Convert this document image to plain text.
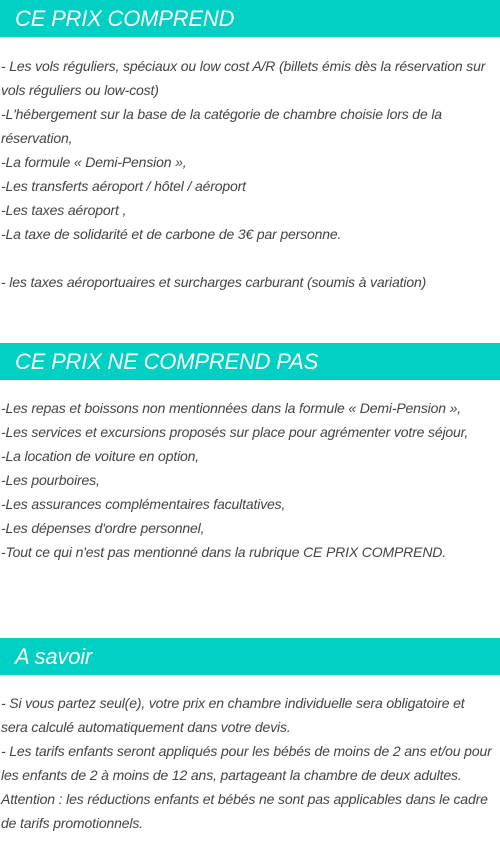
CE PRIX COMPREND
- Les vols réguliers, spéciaux ou low cost A/R (billets émis dès la réservation sur
vols réguliers ou low-cost)
-L'hébergement sur la base de la catégorie de chambre choisie lors de la
réservation,
-La formule « Demi-Pension »,
-Les transferts aéroport / hôtel / aéroport
-Les taxes aéroport ,
-La taxe de solidarité et de carbone de 3€ par personne.
- les taxes aéroportuaires et surcharges carburant (soumis à variation)
CE PRIX NE COMPREND PAS
-Les repas et boissons non mentionnées dans la formule « Demi-Pension »,
-Les services et excursions proposés sur place pour agrémenter votre séjour,
-La location de voiture en option,
-Les pourboires,
-Les assurances complémentaires facultatives,
-Les dépenses d'ordre personnel,
-Tout ce qui n'est pas mentionné dans la rubrique CE PRIX COMPREND.
A savoir
- Si vous partez seul(e), votre prix en chambre individuelle sera obligatoire et
sera calculé automatiquement dans votre devis.
- Les tarifs enfants seront appliqués pour les bébés de moins de 2 ans et/ou pour
les enfants de 2 à moins de 12 ans, partageant la chambre de deux adultes.
Attention : les réductions enfants et bébés ne sont pas applicables dans le cadre
de tarifs promotionnels.
